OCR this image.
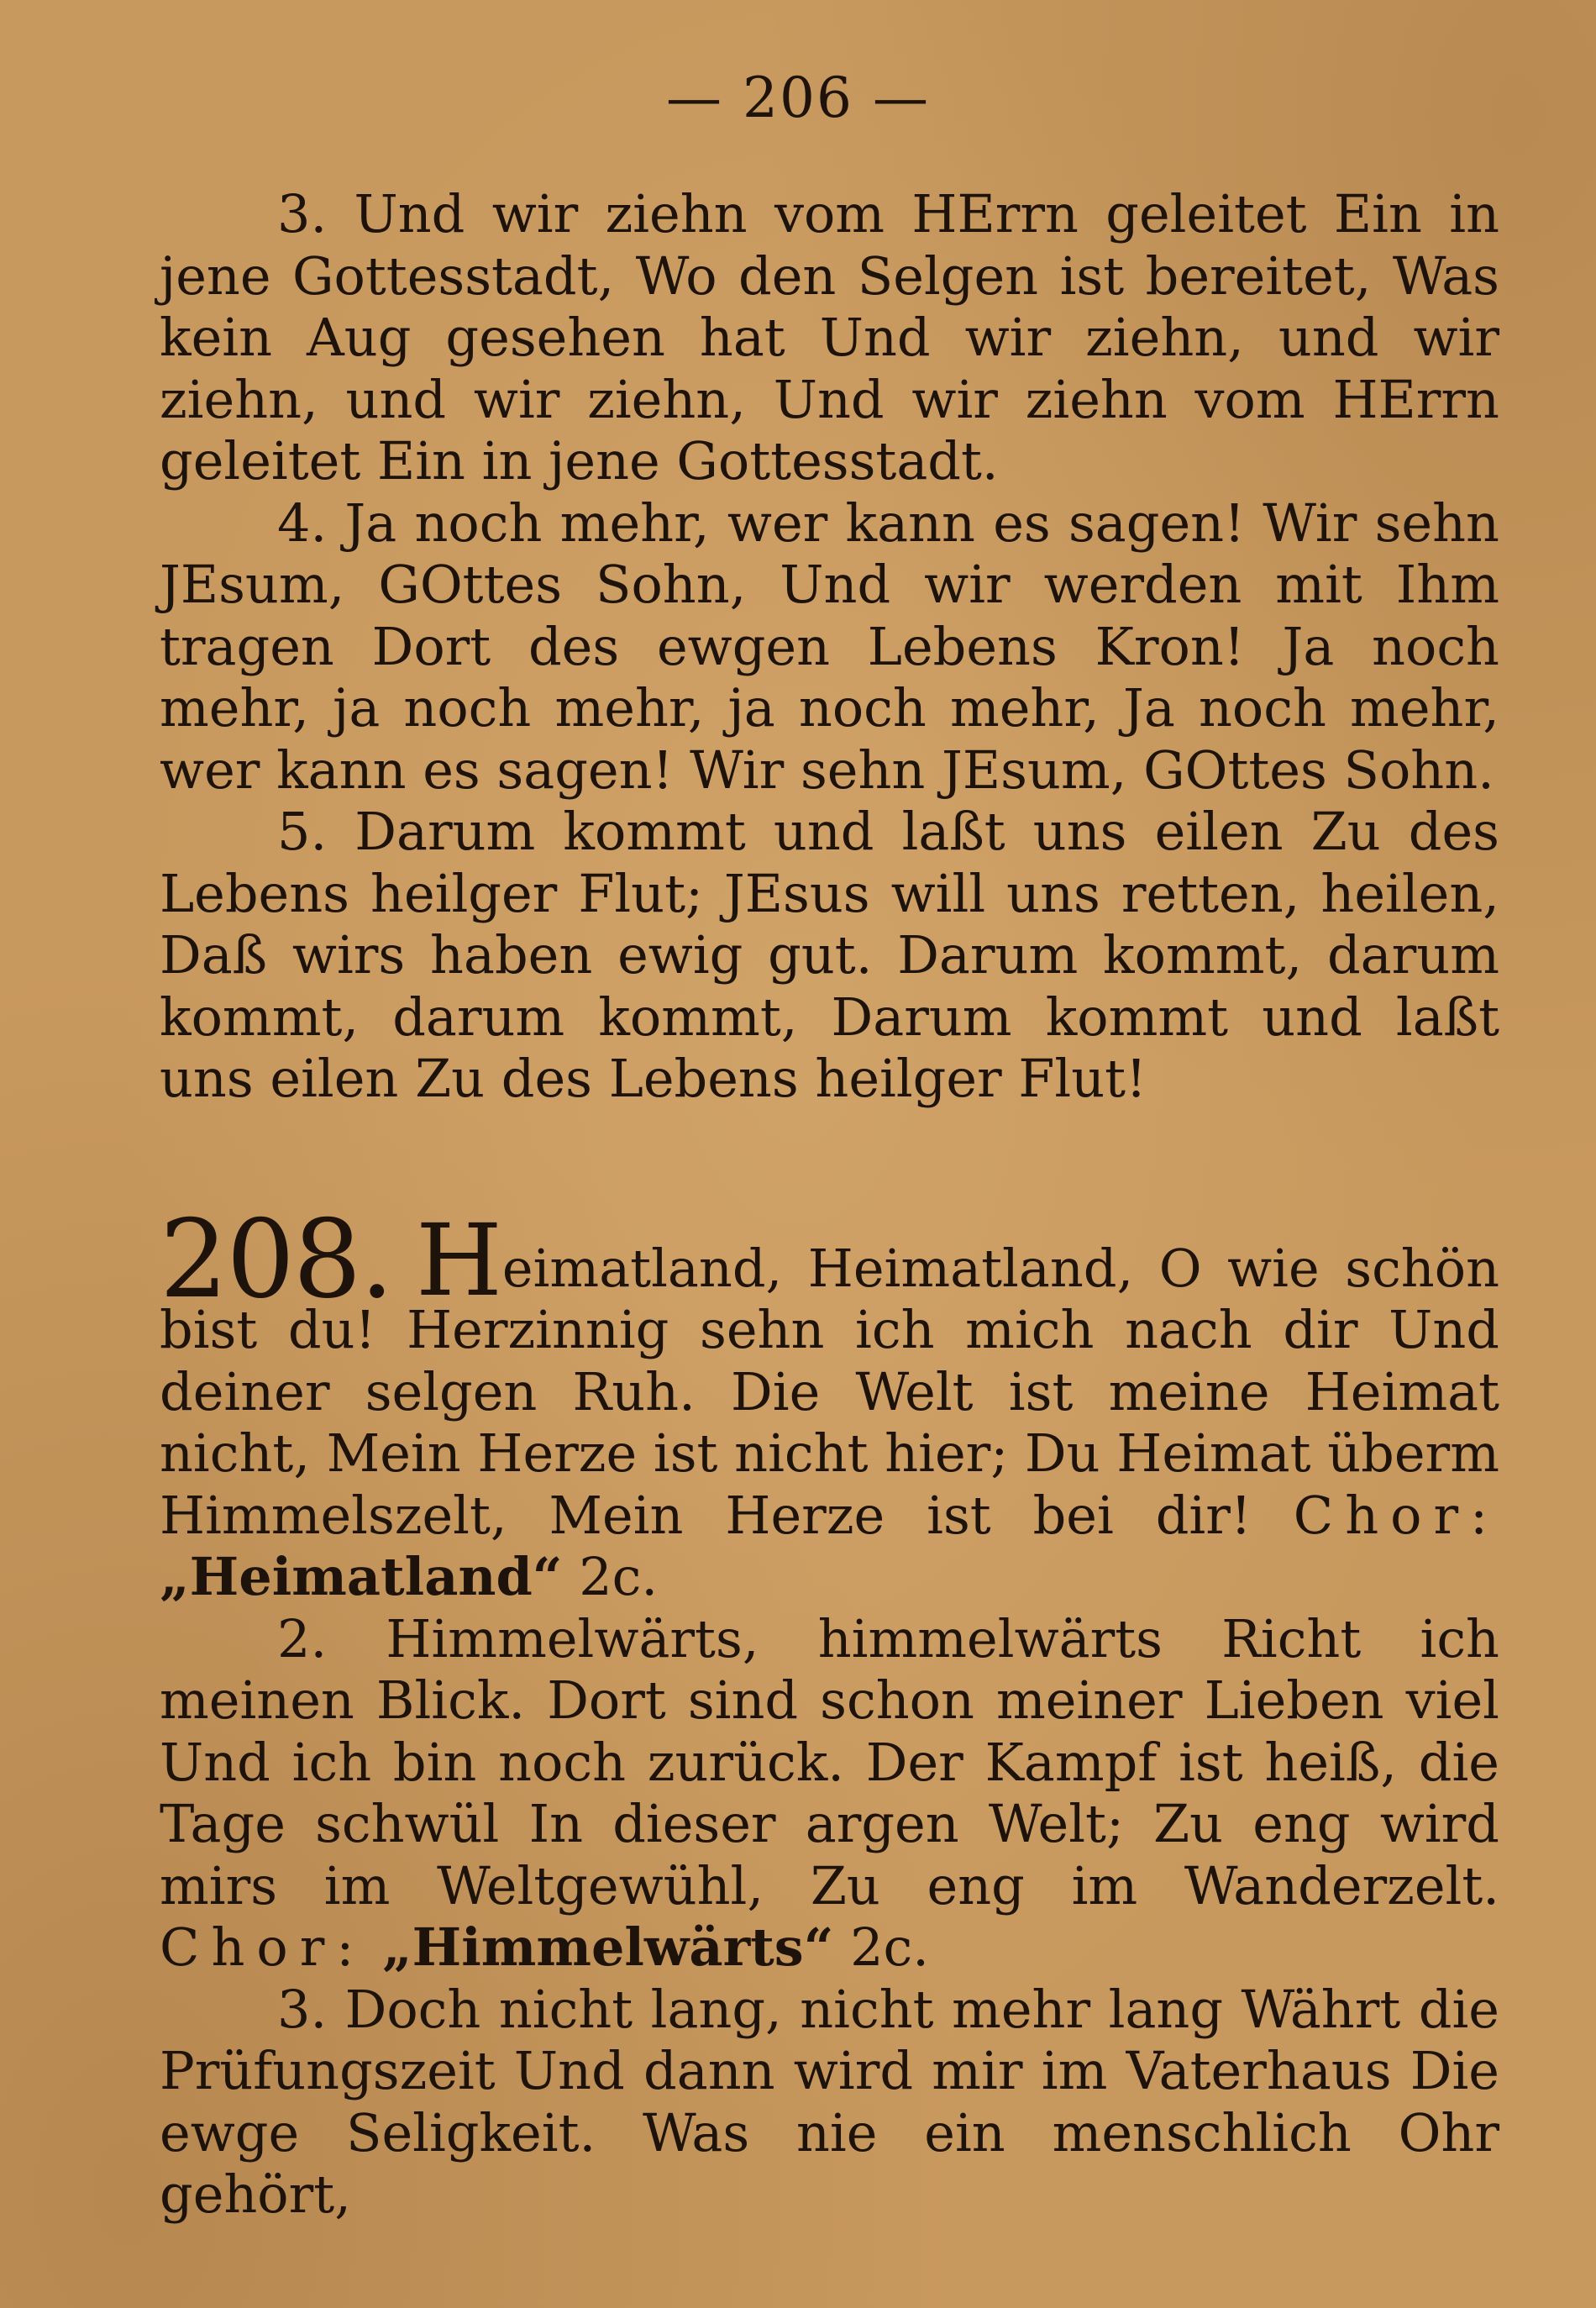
— 206 —

3. Und wir ziehn vom HErrn geleitet Ein in jene Gottesstadt, Wo den Selgen ist bereitet, Was kein Aug gesehen hat Und wir ziehn, und wir ziehn, und wir ziehn, Und wir ziehn vom HErrn geleitet Ein in jene Gottesstadt.

4. Ja noch mehr, wer kann es sagen! Wir sehn JEsum, GOttes Sohn, Und wir werden mit Ihm tragen Dort des ewgen Lebens Kron! Ja noch mehr, ja noch mehr, ja noch mehr, Ja noch mehr, wer kann es sagen! Wir sehn JEsum, GOttes Sohn.

5. Darum kommt und laßt uns eilen Zu des Lebens heilger Flut; JEsus will uns retten, heilen, Daß wirs haben ewig gut. Darum kommt, darum kommt, darum kommt, Darum kommt und laßt uns eilen Zu des Lebens heilger Flut!

208. Heimatland, Heimatland, O wie schön bist du! Herzinnig sehn ich mich nach dir Und deiner selgen Ruh. Die Welt ist meine Heimat nicht, Mein Herze ist nicht hier; Du Heimat überm Himmelszelt, Mein Herze ist bei dir! Chor: „Heimatland“ 2c.

2. Himmelwärts, himmelwärts Richt ich meinen Blick. Dort sind schon meiner Lieben viel Und ich bin noch zurück. Der Kampf ist heiß, die Tage schwül In dieser argen Welt; Zu eng wird mirs im Weltgewühl, Zu eng im Wanderzelt. Chor: „Himmelwärts“ 2c.

3. Doch nicht lang, nicht mehr lang Währt die Prüfungszeit Und dann wird mir im Vaterhaus Die ewge Seligkeit. Was nie ein menschlich Ohr gehört,
